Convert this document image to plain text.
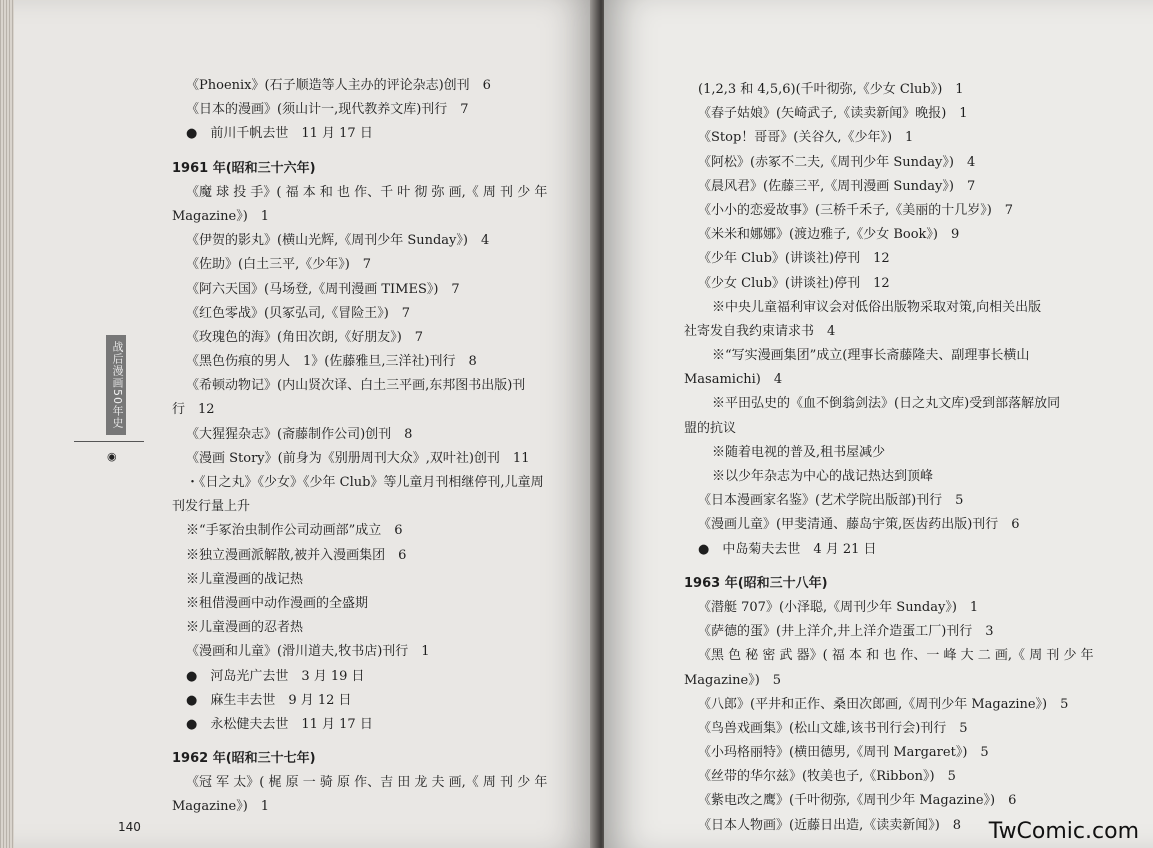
《Phoenix》(石子顺造等人主办的评论杂志)创刊　6
《日本的漫画》(须山计一,现代教养文库)刊行　7
●　前川千帆去世　11 月 17 日
1961 年(昭和三十六年)
《魔 球 投 手》( 福 本 和 也 作、千 叶 彻 弥 画,《 周 刊 少 年
Magazine》)　1
《伊贺的影丸》(横山光辉,《周刊少年 Sunday》)　4
《佐助》(白土三平,《少年》)　7
《阿六天国》(马场登,《周刊漫画 TIMES》)　7
《红色零战》(贝冢弘司,《冒险王》)　7
《玫瑰色的海》(角田次朗,《好朋友》)　7
《黑色伤痕的男人　1》(佐藤雅旦,三洋社)刊行　8
《希顿动物记》(内山贤次译、白土三平画,东邦图书出版)刊
行　12
《大猩猩杂志》(斋藤制作公司)创刊　8
《漫画 Story》(前身为《别册周刊大众》,双叶社)创刊　11
・《日之丸》《少女》《少年 Club》等儿童月刊相继停刊,儿童周
刊发行量上升
※“手冢治虫制作公司动画部”成立　6
※独立漫画派解散,被并入漫画集团　6
※儿童漫画的战记热
※租借漫画中动作漫画的全盛期
※儿童漫画的忍者热
《漫画和儿童》(滑川道夫,牧书店)刊行　1
●　河岛光广去世　3 月 19 日
●　麻生丰去世　9 月 12 日
●　永松健夫去世　11 月 17 日
1962 年(昭和三十七年)
《冠 军 太》( 梶 原 一 骑 原 作、吉 田 龙 夫 画,《 周 刊 少 年
Magazine》)　1
战后漫画50年史
◉
140
(1,2,3 和 4,5,6)(千叶彻弥,《少女 Club》)　1
《春子姑娘》(矢崎武子,《读卖新闻》晚报)　1
《Stop！哥哥》(关谷久,《少年》)　1
《阿松》(赤冢不二夫,《周刊少年 Sunday》)　4
《晨风君》(佐藤三平,《周刊漫画 Sunday》)　7
《小小的恋爱故事》(三桥千禾子,《美丽的十几岁》)　7
《米米和娜娜》(渡边雅子,《少女 Book》)　9
《少年 Club》(讲谈社)停刊　12
《少女 Club》(讲谈社)停刊　12
※中央儿童福利审议会对低俗出版物采取对策,向相关出版
社寄发自我约束请求书　4
※“写实漫画集团”成立(理事长斋藤隆夫、副理事长横山
Masamichi)　4
※平田弘史的《血不倒翁剑法》(日之丸文库)受到部落解放同
盟的抗议
※随着电视的普及,租书屋减少
※以少年杂志为中心的战记热达到顶峰
《日本漫画家名鉴》(艺术学院出版部)刊行　5
《漫画儿童》(甲斐清通、藤岛宇策,医齿药出版)刊行　6
●　中岛菊夫去世　4 月 21 日
1963 年(昭和三十八年)
《潜艇 707》(小泽聪,《周刊少年 Sunday》)　1
《萨德的蛋》(井上洋介,井上洋介造蛋工厂)刊行　3
《黑 色 秘 密 武 器》( 福 本 和 也 作、一 峰 大 二 画,《 周 刊 少 年
Magazine》)　5
《八郎》(平井和正作、桑田次郎画,《周刊少年 Magazine》)　5
《鸟兽戏画集》(松山文雄,该书刊行会)刊行　5
《小玛格丽特》(横田德男,《周刊 Margaret》)　5
《丝带的华尔兹》(牧美也子,《Ribbon》)　5
《紫电改之鹰》(千叶彻弥,《周刊少年 Magazine》)　6
《日本人物画》(近藤日出造,《读卖新闻》)　8	TwComic.com
